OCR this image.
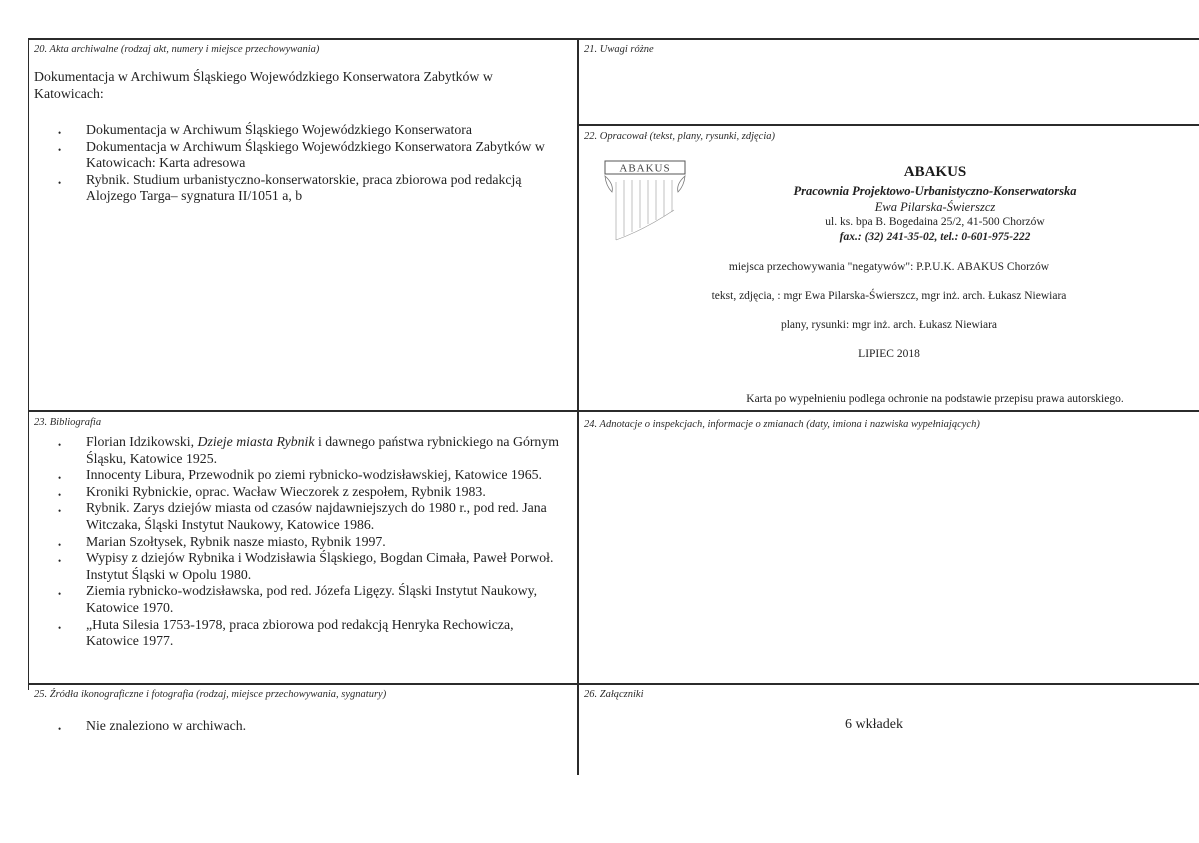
20. Akta archiwalne (rodzaj akt, numery i miejsce przechowywania)
Dokumentacja w Archiwum Śląskiego Wojewódzkiego Konserwatora Zabytków w Katowicach:
• Dokumentacja w Archiwum Śląskiego Wojewódzkiego Konserwatora
• Dokumentacja w Archiwum Śląskiego Wojewódzkiego Konserwatora Zabytków w Katowicach: Karta adresowa
• Rybnik. Studium urbanistyczno-konserwatorskie, praca zbiorowa pod redakcją Alojzego Targa– sygnatura II/1051 a, b
21. Uwagi różne
22. Opracował (tekst, plany, rysunki, zdjęcia)
ABAKUS	ABAKUS
Pracownia Projektowo-Urbanistyczno-Konserwatorska
Ewa Pilarska-Świerszcz
ul. ks. bpa B. Bogedaina 25/2, 41-500 Chorzów
fax.: (32) 241-35-02, tel.: 0-601-975-222
miejsca przechowywania "negatywów": P.P.U.K. ABAKUS Chorzów
tekst, zdjęcia, : mgr Ewa Pilarska-Świerszcz, mgr inż. arch. Łukasz Niewiara
plany, rysunki: mgr inż. arch. Łukasz Niewiara
LIPIEC 2018
Karta po wypełnieniu podlega ochronie na podstawie przepisu prawa autorskiego.
23. Bibliografia
• Florian Idzikowski, Dzieje miasta Rybnik i dawnego państwa rybnickiego na Górnym Śląsku, Katowice 1925.
• Innocenty Libura, Przewodnik po ziemi rybnicko-wodzisławskiej, Katowice 1965.
• Kroniki Rybnickie, oprac. Wacław Wieczorek z zespołem, Rybnik 1983.
• Rybnik. Zarys dziejów miasta od czasów najdawniejszych do 1980 r., pod red. Jana Witczaka, Śląski Instytut Naukowy, Katowice 1986.
• Marian Szołtysek, Rybnik nasze miasto, Rybnik 1997.
• Wypisy z dziejów Rybnika i Wodzisławia Śląskiego, Bogdan Cimała, Paweł Porwoł. Instytut Śląski w Opolu 1980.
• Ziemia rybnicko-wodzisławska, pod red. Józefa Ligęzy. Śląski Instytut Naukowy, Katowice 1970.
• „Huta Silesia 1753-1978, praca zbiorowa pod redakcją Henryka Rechowicza, Katowice 1977.
24. Adnotacje o inspekcjach, informacje o zmianach (daty, imiona i nazwiska wypełniających)
25. Źródła ikonograficzne i fotografia (rodzaj, miejsce przechowywania, sygnatury)
• Nie znaleziono w archiwach.
26. Załączniki
6 wkładek
